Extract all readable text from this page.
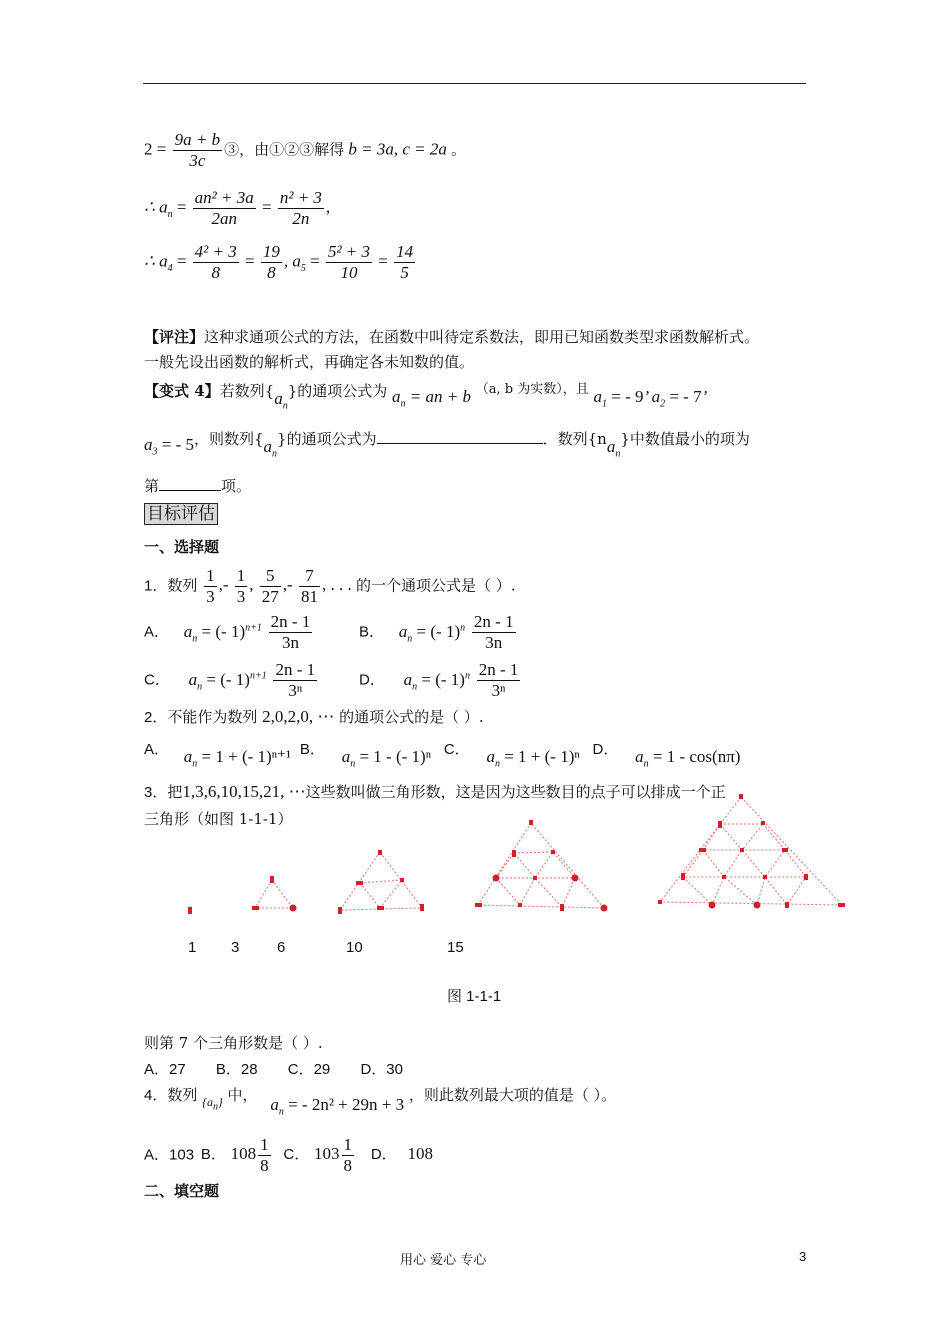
$2 = \frac{9a + b}{3c}$ ③，由①②③解得 b = 3a, c = 2a 。
∴ $a_n = \frac{\text{an² + 3a}}{2an} = \frac{\text{n² + 3}}{2n}$ ,
∴ $a_4 = \frac{\text{4² + 3}}{8} = \frac{19}{8}$ , $a_5 = \frac{\text{5² + 3}}{10} = \frac{14}{5}$
【评注】这种求通项公式的方法，在函数中叫待定系数法，即用已知函数类型求函数解析式。
一般先设出函数的解析式，再确定各未知数的值。
【变式 4】若数列$\{a_n\}$的通项公式为 $a_n$ = an + b （a, b 为实数），且 $a_1$ = - 9’ $a_2$ = - 7’
$a_3$ = - 5，则数列$\{a_n\}$的通项公式为	．数列$\{na_n\}$中数值最小的项为
第	项。
目标评估
一、选择题
1．数列 $\frac{1}{3}$ ,- $\frac{1}{3}$ , $\frac{5}{27}$ ,- $\frac{7}{81}$ , . . . 的一个通项公式是（ ）.
A． $a_n$ = (- $1)^{n+1} \frac{2n - 1}{3n}$	B． $a_n$ = (- $1)^n \frac{2n - 1}{3n}$
C． $a_n$ = (- $1)^{n+1} \frac{2n - 1}{\text{3ⁿ}}$	D． $a_n$ = (- $1)^n \frac{2n - 1}{\text{3ⁿ}}$
2．不能作为数列 2,0,2,0, ⋯ 的通项公式的是（ ）.
A． $a_n = 1$ + (- 1)ⁿ⁺¹ B． $a_n = 1$ - (- 1)ⁿ C． $a_n = 1$ + (- 1)ⁿ D． $a_n = 1 - \cos(n\pi)$
3．把1,3,6,10,15,21, ⋯这些数叫做三角形数，这是因为这些数目的点子可以排成一个正
三角形（如图 1-1-1）
1 3	6	10	15
图 1-1-1
则第 7 个三角形数是（ ）.
A．27 B．28 C．29 D．30
4．数列 $_{\{a_n\}}$ 中， $a_n$ = - 2n² + 29n + 3 ，则此数列最大项的值是（ ）。
A．103 B． $108 \frac{1}{8}$ C． $103 \frac{1}{8}$ D． 108
二、填空题
用心 爱心 专心	3
